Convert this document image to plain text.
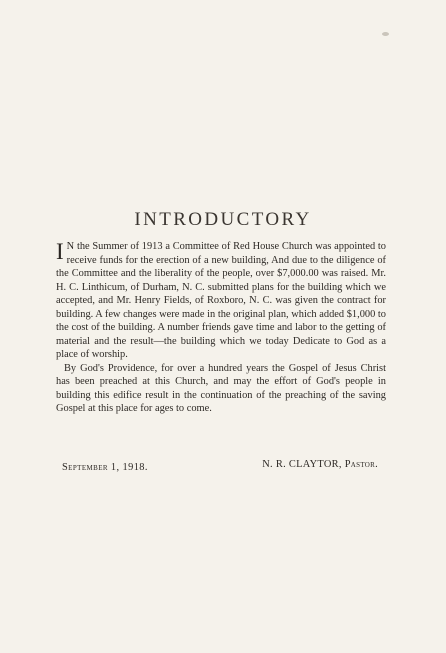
INTRODUCTORY

I N the Summer of 1913 a Committee of Red House Church was appointed to receive funds for the erection of a new building, And due to the diligence of the Committee and the liberality of the people, over $7,000.00 was raised. Mr. H. C. Linthicum, of Durham, N. C. submitted plans for the building which we accepted, and Mr. Henry Fields, of Roxboro, N. C. was given the contract for building. A few changes were made in the original plan, which added $1,000 to the cost of the building. A number friends gave time and labor to the getting of material and the result—the building which we today Dedicate to God as a place of worship.

By God's Providence, for over a hundred years the Gospel of Jesus Christ has been preached at this Church, and may the effort of God's people in building this edifice result in the continuation of the preaching of the saving Gospel at this place for ages to come.

September 1, 1918.	N. R. CLAYTOR, Pastor.
